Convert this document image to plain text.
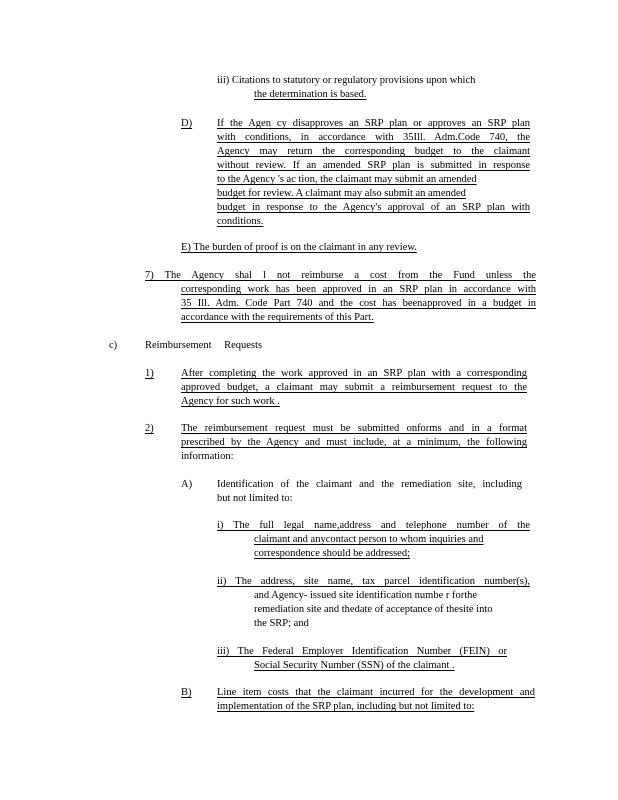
iii) Citations to statutory or regulatory provisions upon which
the determination is based.
D) If the Agen cy disapproves an SRP plan or approves an SRP plan
with conditions, in accordance with 35Ill. Adm.Code 740, the
Agency may return the corresponding budget to the claimant
without review. If an amended SRP plan is submitted in response
to the Agency 's ac tion, the claimant may submit an amended
budget for review. A claimant may also submit an amended
budget in response to the Agency's approval of an SRP plan with
conditions.
E) The burden of proof is on the claimant in any review.
7) The Agency shal l not reimburse a cost from the Fund unless the
corresponding work has been approved in an SRP plan in accordance with
35 Ill. Adm. Code Part 740 and the cost has beenapproved in a budget in
accordance with the requirements of this Part.
c)	Reimbursement Requests
1)	After completing the work approved in an SRP plan with a corresponding
approved budget, a claimant may submit a reimbursement request to the
Agency for such work .
2)	The reimbursement request must be submitted onforms and in a format
prescribed by the Agency and must include, at a minimum, the following
information:
A) Identification of the claimant and the remediation site, including
but not limited to:
i) The full legal name,address and telephone number of the
claimant and anycontact person to whom inquiries and
correspondence should be addressed;
ii) The address, site name, tax parcel identification number(s),
and Agency- issued site identification numbe r forthe
remediation site and thedate of acceptance of thesite into
the SRP; and
iii) The Federal Employer Identification Number (FEIN) or
Social Security Number (SSN) of the claimant .
B) Line item costs that the claimant incurred for the development and
implementation of the SRP plan, including but not limited to:
